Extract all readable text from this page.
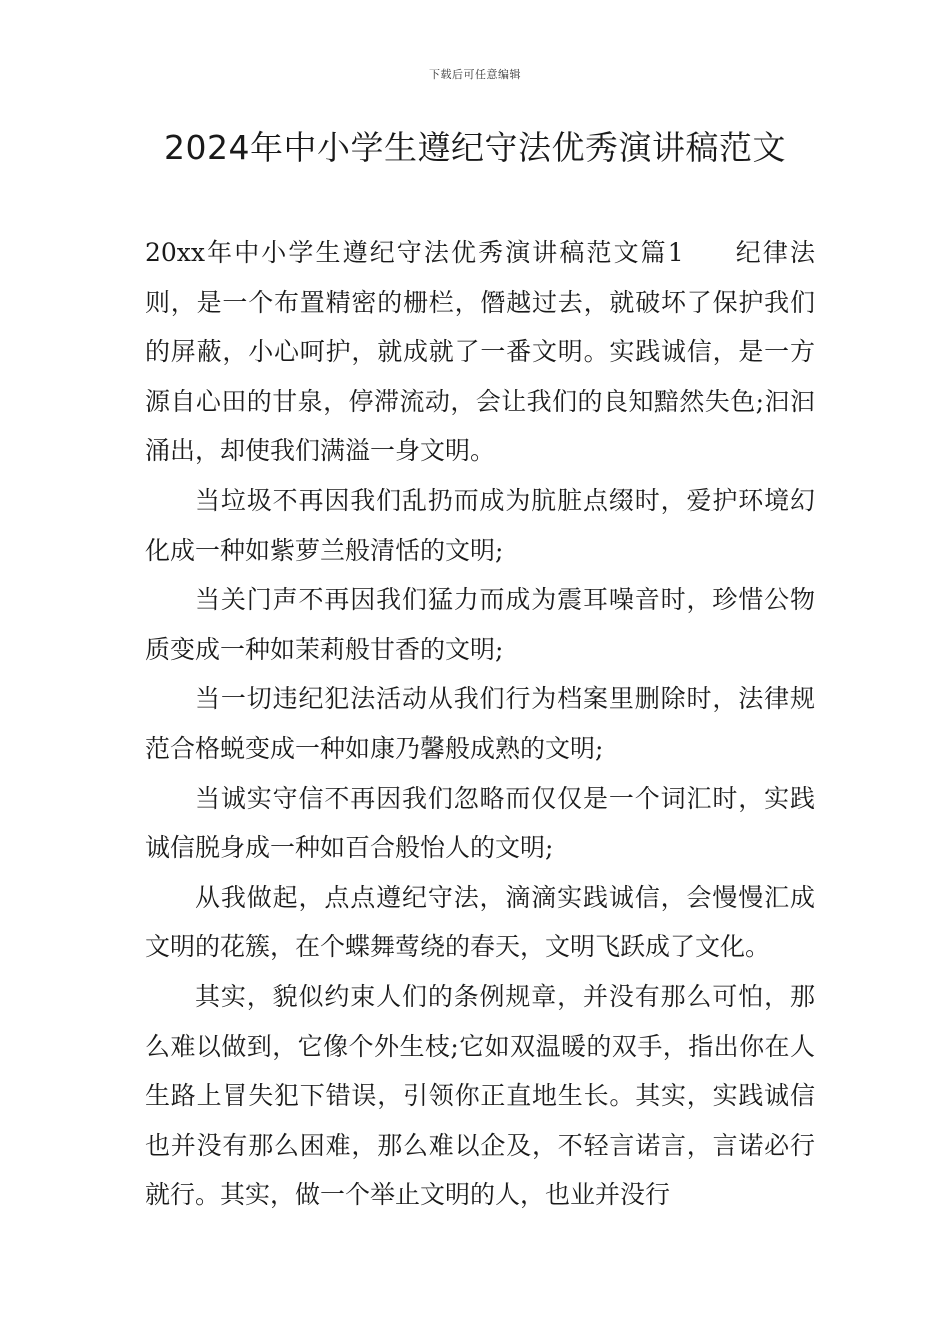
下载后可任意编辑
2024年中小学生遵纪守法优秀演讲稿范文

20xx年中小学生遵纪守法优秀演讲稿范文篇1 纪律法则，是一个布置精密的栅栏，僭越过去，就破坏了保护我们的屏蔽，小心呵护，就成就了一番文明。实践诚信，是一方源自心田的甘泉，停滞流动，会让我们的良知黯然失色;汩汩涌出，却使我们满溢一身文明。

当垃圾不再因我们乱扔而成为肮脏点缀时，爱护环境幻化成一种如紫萝兰般清恬的文明;

当关门声不再因我们猛力而成为震耳噪音时，珍惜公物质变成一种如茉莉般甘香的文明;

当一切违纪犯法活动从我们行为档案里删除时，法律规范合格蜕变成一种如康乃馨般成熟的文明;

当诚实守信不再因我们忽略而仅仅是一个词汇时，实践诚信脱身成一种如百合般怡人的文明;

从我做起，点点遵纪守法，滴滴实践诚信，会慢慢汇成文明的花簇，在个蝶舞莺绕的春天，文明飞跃成了文化。

其实，貌似约束人们的条例规章，并没有那么可怕，那么难以做到，它像个外生枝;它如双温暖的双手，指出你在人生路上冒失犯下错误，引领你正直地生长。其实，实践诚信也并没有那么困难，那么难以企及，不轻言诺言，言诺必行就行。其实，做一个举止文明的人，也业并没行
